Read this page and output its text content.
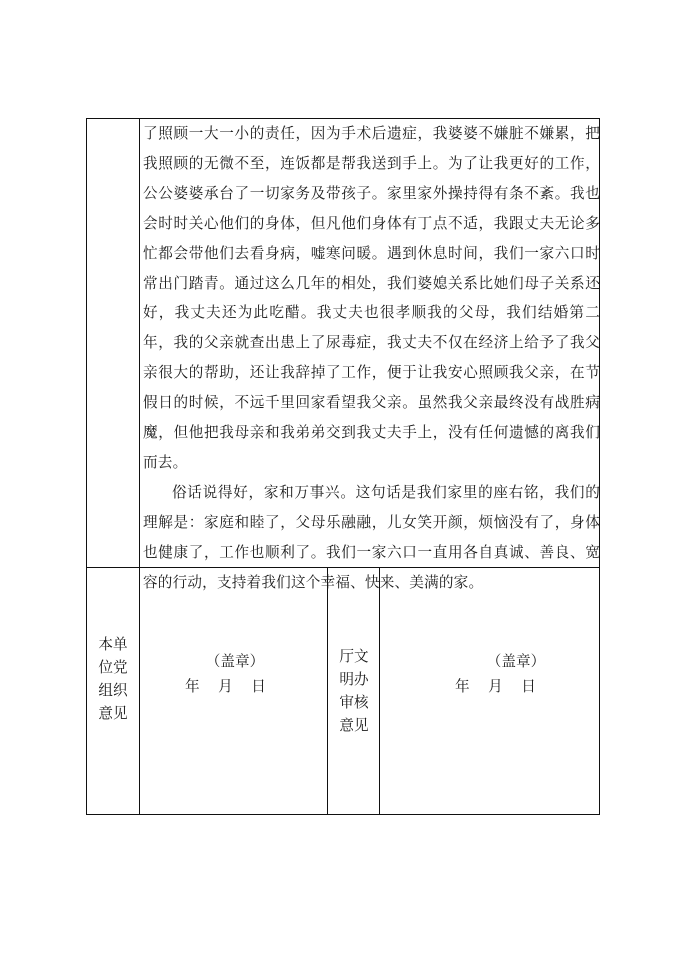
了照顾一大一小的责任，因为手术后遗症，我婆婆不嫌脏不嫌累，把我照顾的无微不至，连饭都是帮我送到手上。为了让我更好的工作，公公婆婆承台了一切家务及带孩子。家里家外操持得有条不紊。我也会时时关心他们的身体，但凡他们身体有丁点不适，我跟丈夫无论多忙都会带他们去看身病，嘘寒问暖。遇到休息时间，我们一家六口时常出门踏青。通过这么几年的相处，我们婆媳关系比她们母子关系还好，我丈夫还为此吃醋。我丈夫也很孝顺我的父母，我们结婚第二年，我的父亲就查出患上了尿毒症，我丈夫不仅在经济上给予了我父亲很大的帮助，还让我辞掉了工作，便于让我安心照顾我父亲，在节假日的时候，不远千里回家看望我父亲。虽然我父亲最终没有战胜病魔，但他把我母亲和我弟弟交到我丈夫手上，没有任何遗憾的离我们而去。

俗话说得好，家和万事兴。这句话是我们家里的座右铭，我们的理解是：家庭和睦了，父母乐融融，儿女笑开颜，烦恼没有了，身体也健康了，工作也顺利了。我们一家六口一直用各自真诚、善良、宽容的行动，支持着我们这个幸福、快来、美满的家。

本单
位党
组织
意见
（盖章）
年    月    日
厅文
明办
审核
意见
（盖章）
年    月    日
